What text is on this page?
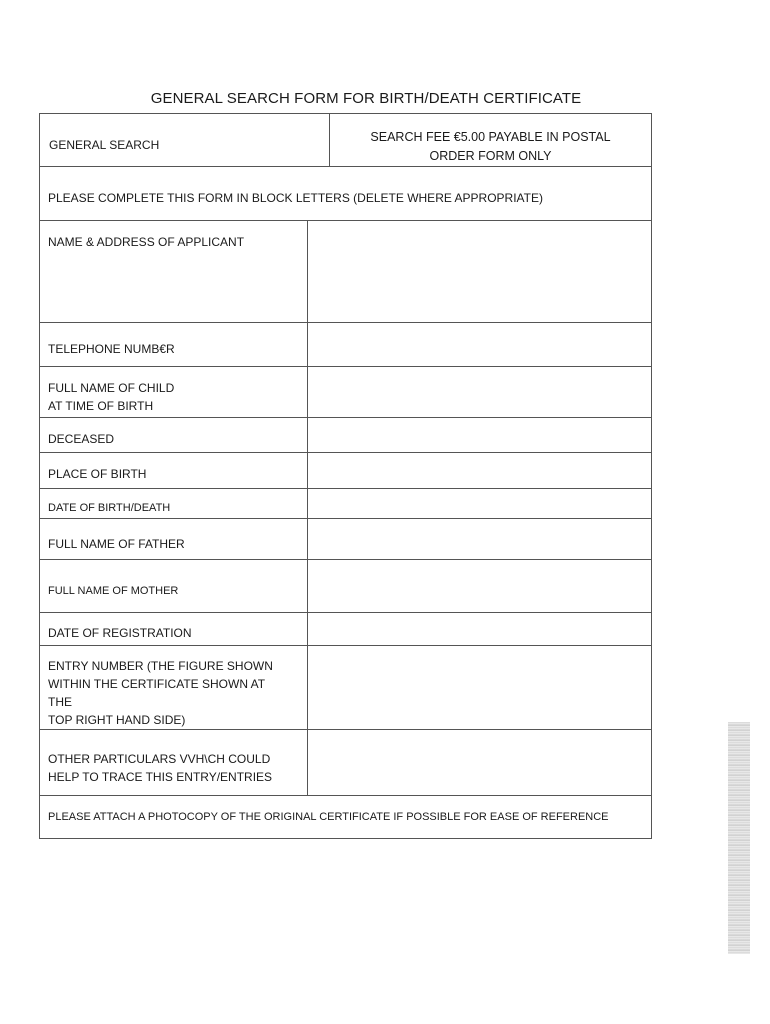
GENERAL SEARCH FORM FOR BIRTH/DEATH CERTIFICATE
GENERAL SEARCH
SEARCH FEE €5.00 PAYABLE IN POSTAL
ORDER FORM ONLY
PLEASE COMPLETE THIS FORM IN BLOCK LETTERS (DELETE WHERE APPROPRIATE)
NAME & ADDRESS OF APPLICANT
TELEPHONE NUMB€R
FULL NAME OF CHILD
AT TIME OF BIRTH
DECEASED
PLACE OF BIRTH
DATE OF BIRTH/DEATH
FULL NAME OF FATHER
FULL NAME OF MOTHER
DATE OF REGISTRATION
ENTRY NUMBER (THE FIGURE SHOWN
WITHIN THE CERTIFICATE SHOWN AT
THE
TOP RIGHT HAND SIDE)
OTHER PARTICULARS VVH\CH COULD
HELP TO TRACE THIS ENTRY/ENTRIES
PLEASE ATTACH A PHOTOCOPY OF THE ORIGINAL CERTIFICATE IF POSSIBLE FOR EASE OF REFERENCE
